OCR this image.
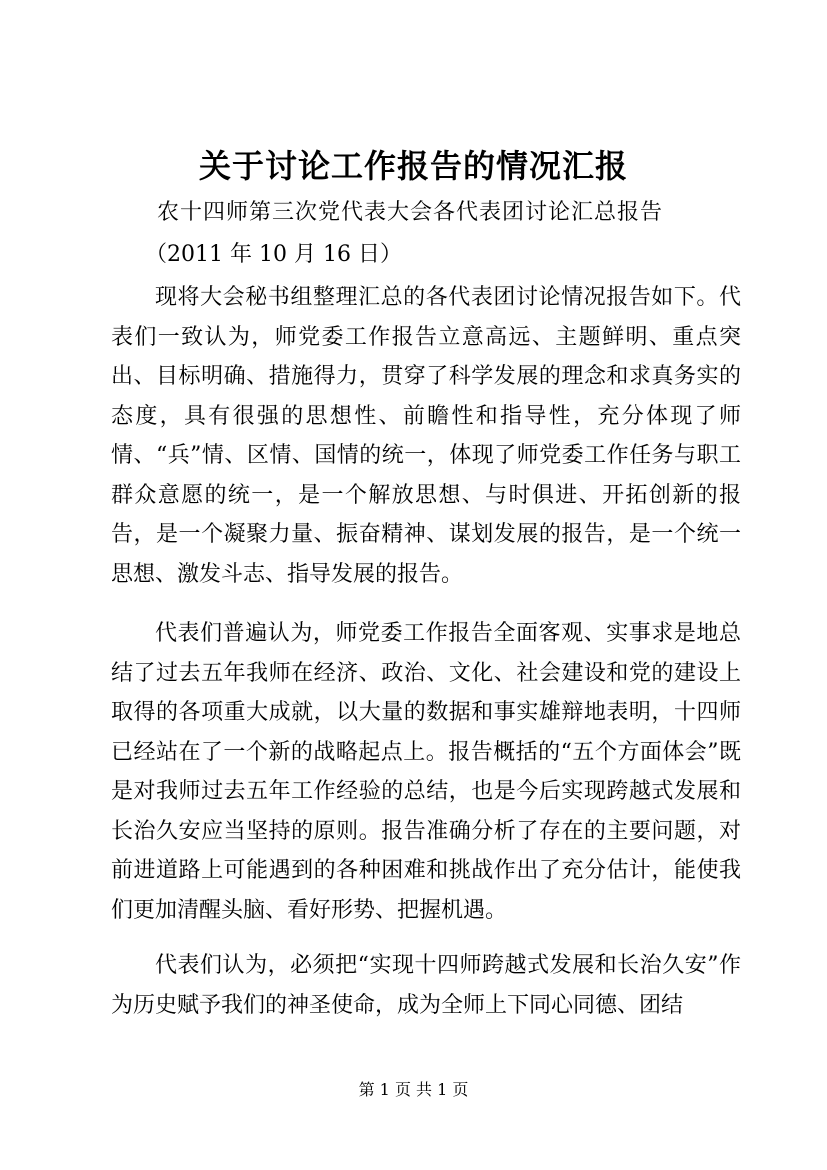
关于讨论工作报告的情况汇报
农十四师第三次党代表大会各代表团讨论汇总报告
（2011 年 10 月 16 日）

现将大会秘书组整理汇总的各代表团讨论情况报告如下。代表们一致认为，师党委工作报告立意高远、主题鲜明、重点突出、目标明确、措施得力，贯穿了科学发展的理念和求真务实的态度，具有很强的思想性、前瞻性和指导性，充分体现了师情、“兵”情、区情、国情的统一，体现了师党委工作任务与职工群众意愿的统一，是一个解放思想、与时俱进、开拓创新的报告，是一个凝聚力量、振奋精神、谋划发展的报告，是一个统一思想、激发斗志、指导发展的报告。

代表们普遍认为，师党委工作报告全面客观、实事求是地总结了过去五年我师在经济、政治、文化、社会建设和党的建设上取得的各项重大成就，以大量的数据和事实雄辩地表明，十四师已经站在了一个新的战略起点上。报告概括的“五个方面体会”既是对我师过去五年工作经验的总结，也是今后实现跨越式发展和长治久安应当坚持的原则。报告准确分析了存在的主要问题，对前进道路上可能遇到的各种困难和挑战作出了充分估计，能使我们更加清醒头脑、看好形势、把握机遇。

代表们认为，必须把“实现十四师跨越式发展和长治久安”作为历史赋予我们的神圣使命，成为全师上下同心同德、团结

第 1 页 共 1 页
